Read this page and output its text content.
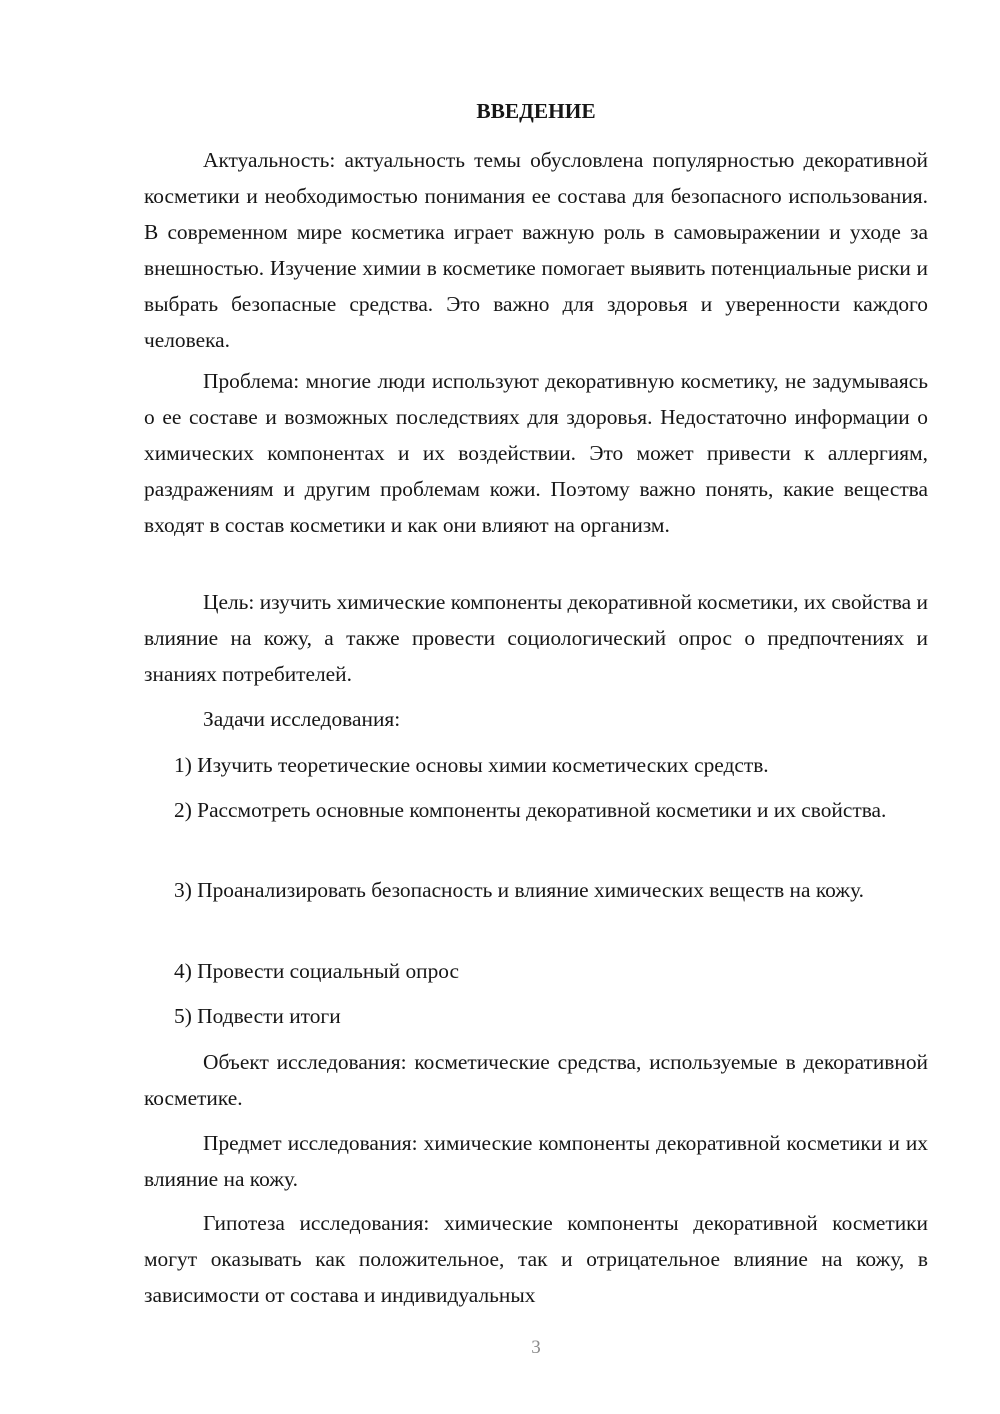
ВВЕДЕНИЕ

Актуальность: актуальность темы обусловлена популярностью декоративной косметики и необходимостью понимания ее состава для безопасного использования. В современном мире косметика играет важную роль в самовыражении и уходе за внешностью. Изучение химии в косметике помогает выявить потенциальные риски и выбрать безопасные средства. Это важно для здоровья и уверенности каждого человека.

Проблема: многие люди используют декоративную косметику, не задумываясь о ее составе и возможных последствиях для здоровья. Недостаточно информации о химических компонентах и их воздействии. Это может привести к аллергиям, раздражениям и другим проблемам кожи. Поэтому важно понять, какие вещества входят в состав косметики и как они влияют на организм.

Цель: изучить химические компоненты декоративной косметики, их свойства и влияние на кожу, а также провести социологический опрос о предпочтениях и знаниях потребителей.

Задачи исследования:

1) Изучить теоретические основы химии косметических средств.

2) Рассмотреть основные компоненты декоративной косметики и их свойства.

3) Проанализировать безопасность и влияние химических веществ на кожу.

4) Провести социальный опрос

5) Подвести итоги

Объект исследования: косметические средства, используемые в декоративной косметике.

Предмет исследования: химические компоненты декоративной косметики и их влияние на кожу.

Гипотеза исследования: химические компоненты декоративной косметики могут оказывать как положительное, так и отрицательное влияние на кожу, в зависимости от состава и индивидуальных

3
